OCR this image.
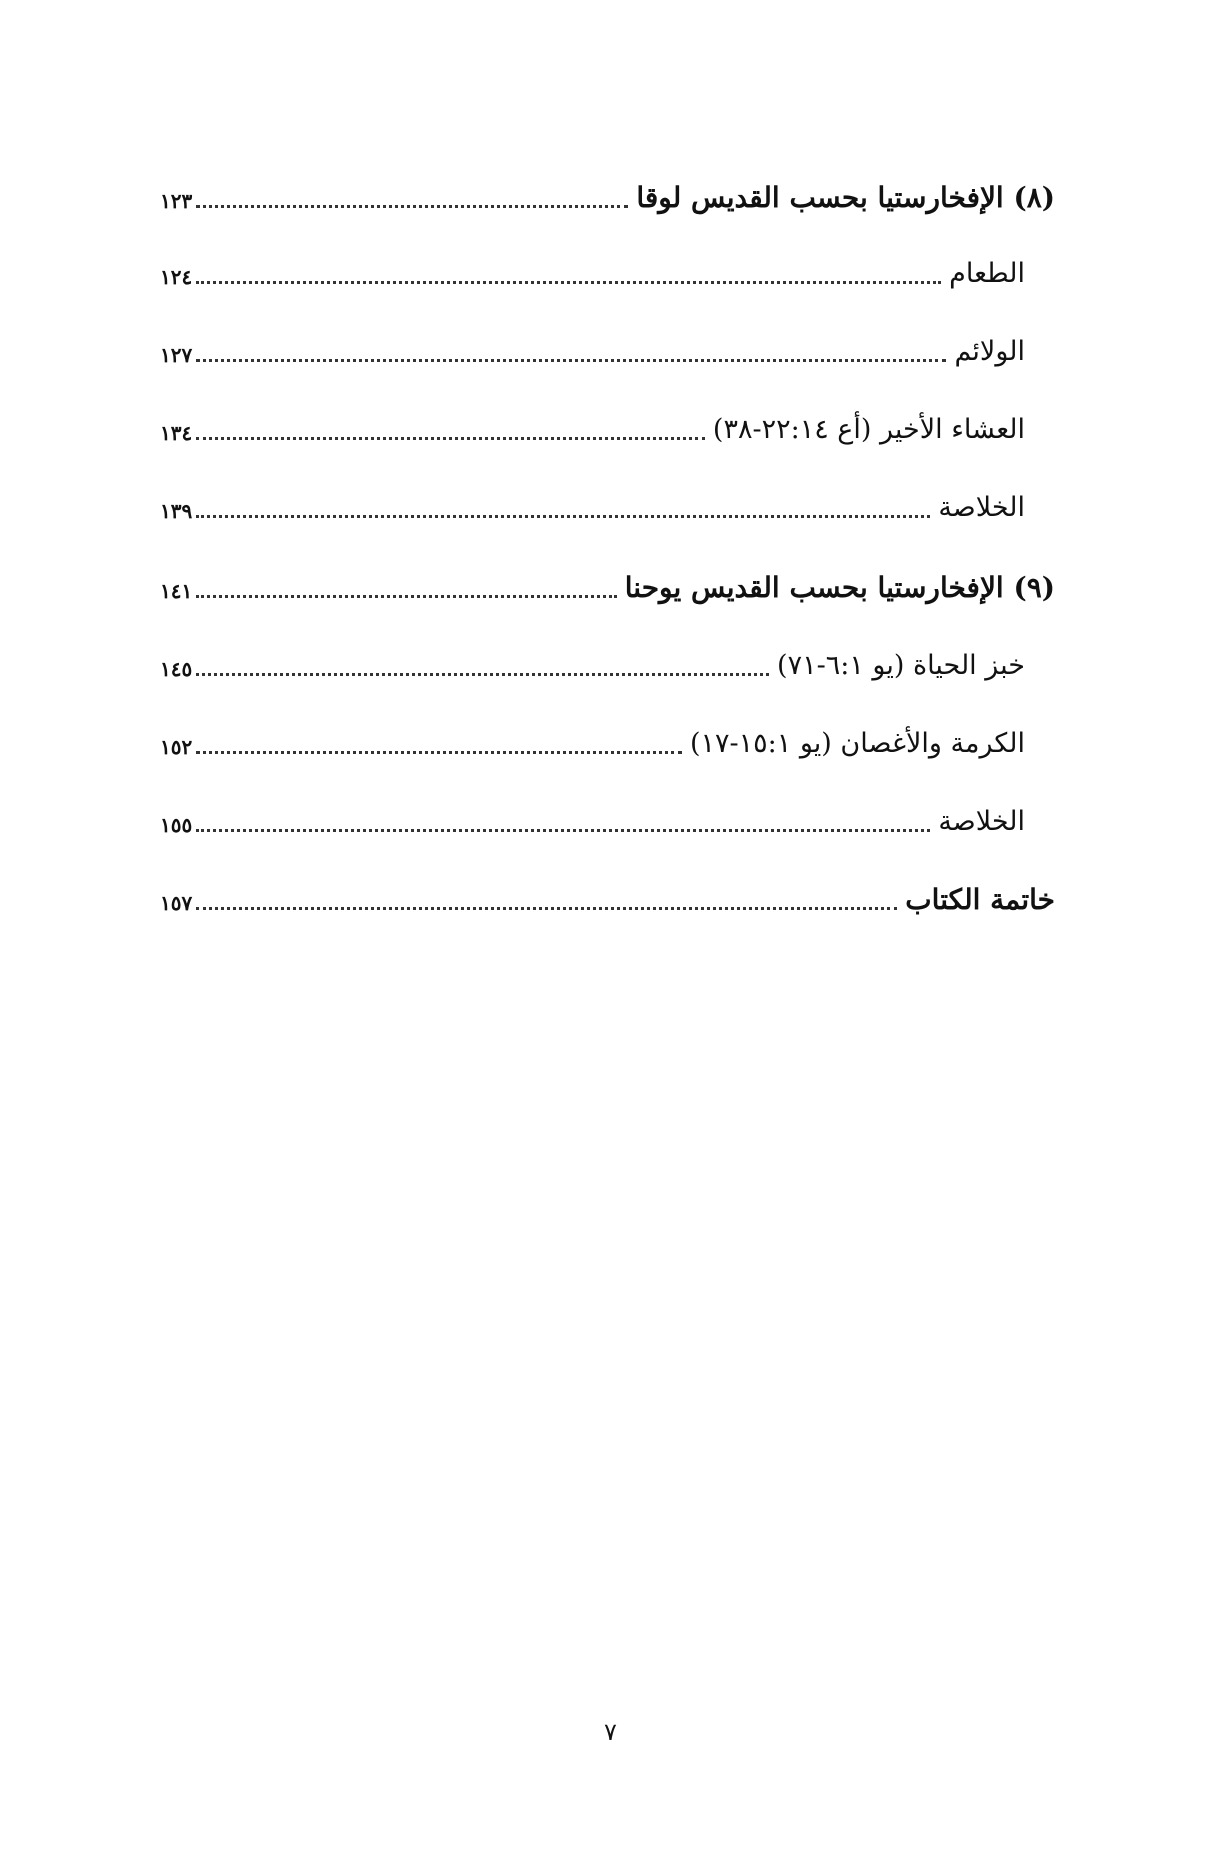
(٨) الإفخارستيا بحسب القديس لوقا
١٢٣
الطعام
١٢٤
الولائم
١٢٧
العشاء الأخير (أع ٢٢:١٤-٣٨)
١٣٤
الخلاصة
١٣٩
(٩) الإفخارستيا بحسب القديس يوحنا
١٤١
خبز الحياة (يو ٦:١-٧١)
١٤٥
الكرمة والأغصان (يو ١٥:١-١٧)
١٥٢
الخلاصة
١٥٥
خاتمة الكتاب
١٥٧
٧
